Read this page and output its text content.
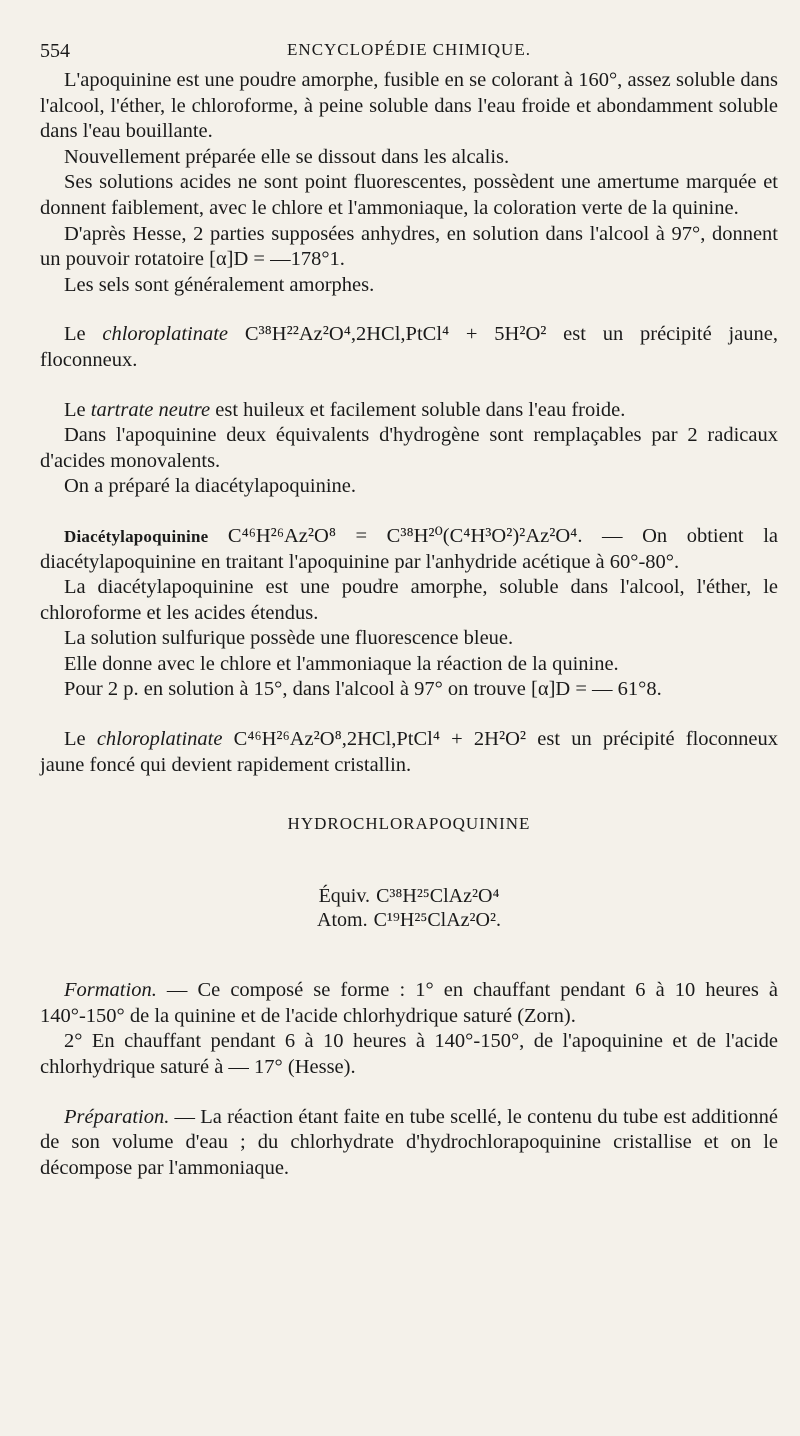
554	ENCYCLOPÉDIE CHIMIQUE.

L'apoquinine est une poudre amorphe, fusible en se colorant à 160°, assez soluble dans l'alcool, l'éther, le chloroforme, à peine soluble dans l'eau froide et abondamment soluble dans l'eau bouillante.

Nouvellement préparée elle se dissout dans les alcalis.

Ses solutions acides ne sont point fluorescentes, possèdent une amertume marquée et donnent faiblement, avec le chlore et l'ammoniaque, la coloration verte de la quinine.

D'après Hesse, 2 parties supposées anhydres, en solution dans l'alcool à 97°, donnent un pouvoir rotatoire [α]D = —178°1.

Les sels sont généralement amorphes.

Le chloroplatinate C³⁸H²²Az²O⁴,2HCl,PtCl⁴ + 5H²O² est un précipité jaune, floconneux.

Le tartrate neutre est huileux et facilement soluble dans l'eau froide.

Dans l'apoquinine deux équivalents d'hydrogène sont remplaçables par 2 radicaux d'acides monovalents.

On a préparé la diacétylapoquinine.

Diacétylapoquinine C⁴⁶H²⁶Az²O⁸ = C³⁸H²⁰(C⁴H³O²)²Az²O⁴. — On obtient la diacétylapoquinine en traitant l'apoquinine par l'anhydride acétique à 60°-80°.

La diacétylapoquinine est une poudre amorphe, soluble dans l'alcool, l'éther, le chloroforme et les acides étendus.

La solution sulfurique possède une fluorescence bleue.

Elle donne avec le chlore et l'ammoniaque la réaction de la quinine.

Pour 2 p. en solution à 15°, dans l'alcool à 97° on trouve [α]D = — 61°8.

Le chloroplatinate C⁴⁶H²⁶Az²O⁸,2HCl,PtCl⁴ + 2H²O² est un précipité floconneux jaune foncé qui devient rapidement cristallin.

HYDROCHLORAPOQUININE
Équiv. C³⁸H²⁵ClAz²O⁴
Atom. C¹⁹H²⁵ClAz²O².

Formation. — Ce composé se forme : 1° en chauffant pendant 6 à 10 heures à 140°-150° de la quinine et de l'acide chlorhydrique saturé (Zorn).

2° En chauffant pendant 6 à 10 heures à 140°-150°, de l'apoquinine et de l'acide chlorhydrique saturé à — 17° (Hesse).

Préparation. — La réaction étant faite en tube scellé, le contenu du tube est additionné de son volume d'eau ; du chlorhydrate d'hydrochlorapoquinine cristallise et on le décompose par l'ammoniaque.
